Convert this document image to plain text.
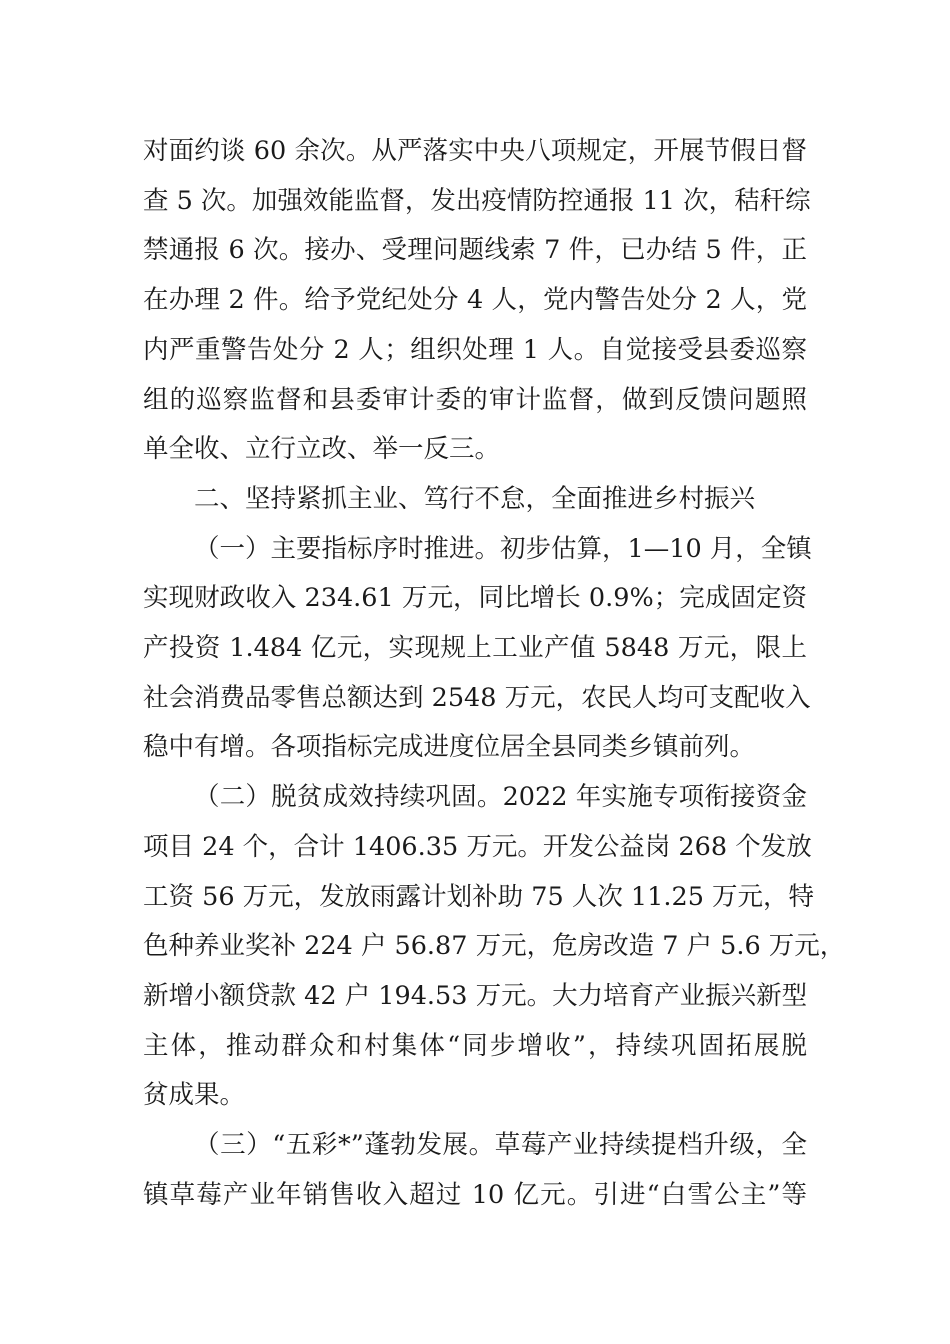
对面约谈 60 余次。从严落实中央八项规定，开展节假日督
查 5 次。加强效能监督，发出疫情防控通报 11 次，秸秆综
禁通报 6 次。接办、受理问题线索 7 件，已办结 5 件，正
在办理 2 件。给予党纪处分 4 人，党内警告处分 2 人，党
内严重警告处分 2 人；组织处理 1 人。自觉接受县委巡察
组的巡察监督和县委审计委的审计监督，做到反馈问题照
单全收、立行立改、举一反三。

二、坚持紧抓主业、笃行不怠，全面推进乡村振兴

（一）主要指标序时推进。初步估算，1—10 月，全镇
实现财政收入 234.61 万元，同比增长 0.9%；完成固定资
产投资 1.484 亿元，实现规上工业产值 5848 万元，限上
社会消费品零售总额达到 2548 万元，农民人均可支配收入
稳中有增。各项指标完成进度位居全县同类乡镇前列。

（二）脱贫成效持续巩固。2022 年实施专项衔接资金
项目 24 个，合计 1406.35 万元。开发公益岗 268 个发放
工资 56 万元，发放雨露计划补助 75 人次 11.25 万元，特
色种养业奖补 224 户 56.87 万元，危房改造 7 户 5.6 万元，
新增小额贷款 42 户 194.53 万元。大力培育产业振兴新型
主体，推动群众和村集体“同步增收”，持续巩固拓展脱
贫成果。

（三）“五彩*”蓬勃发展。草莓产业持续提档升级，全
镇草莓产业年销售收入超过 10 亿元。引进“白雪公主”等
